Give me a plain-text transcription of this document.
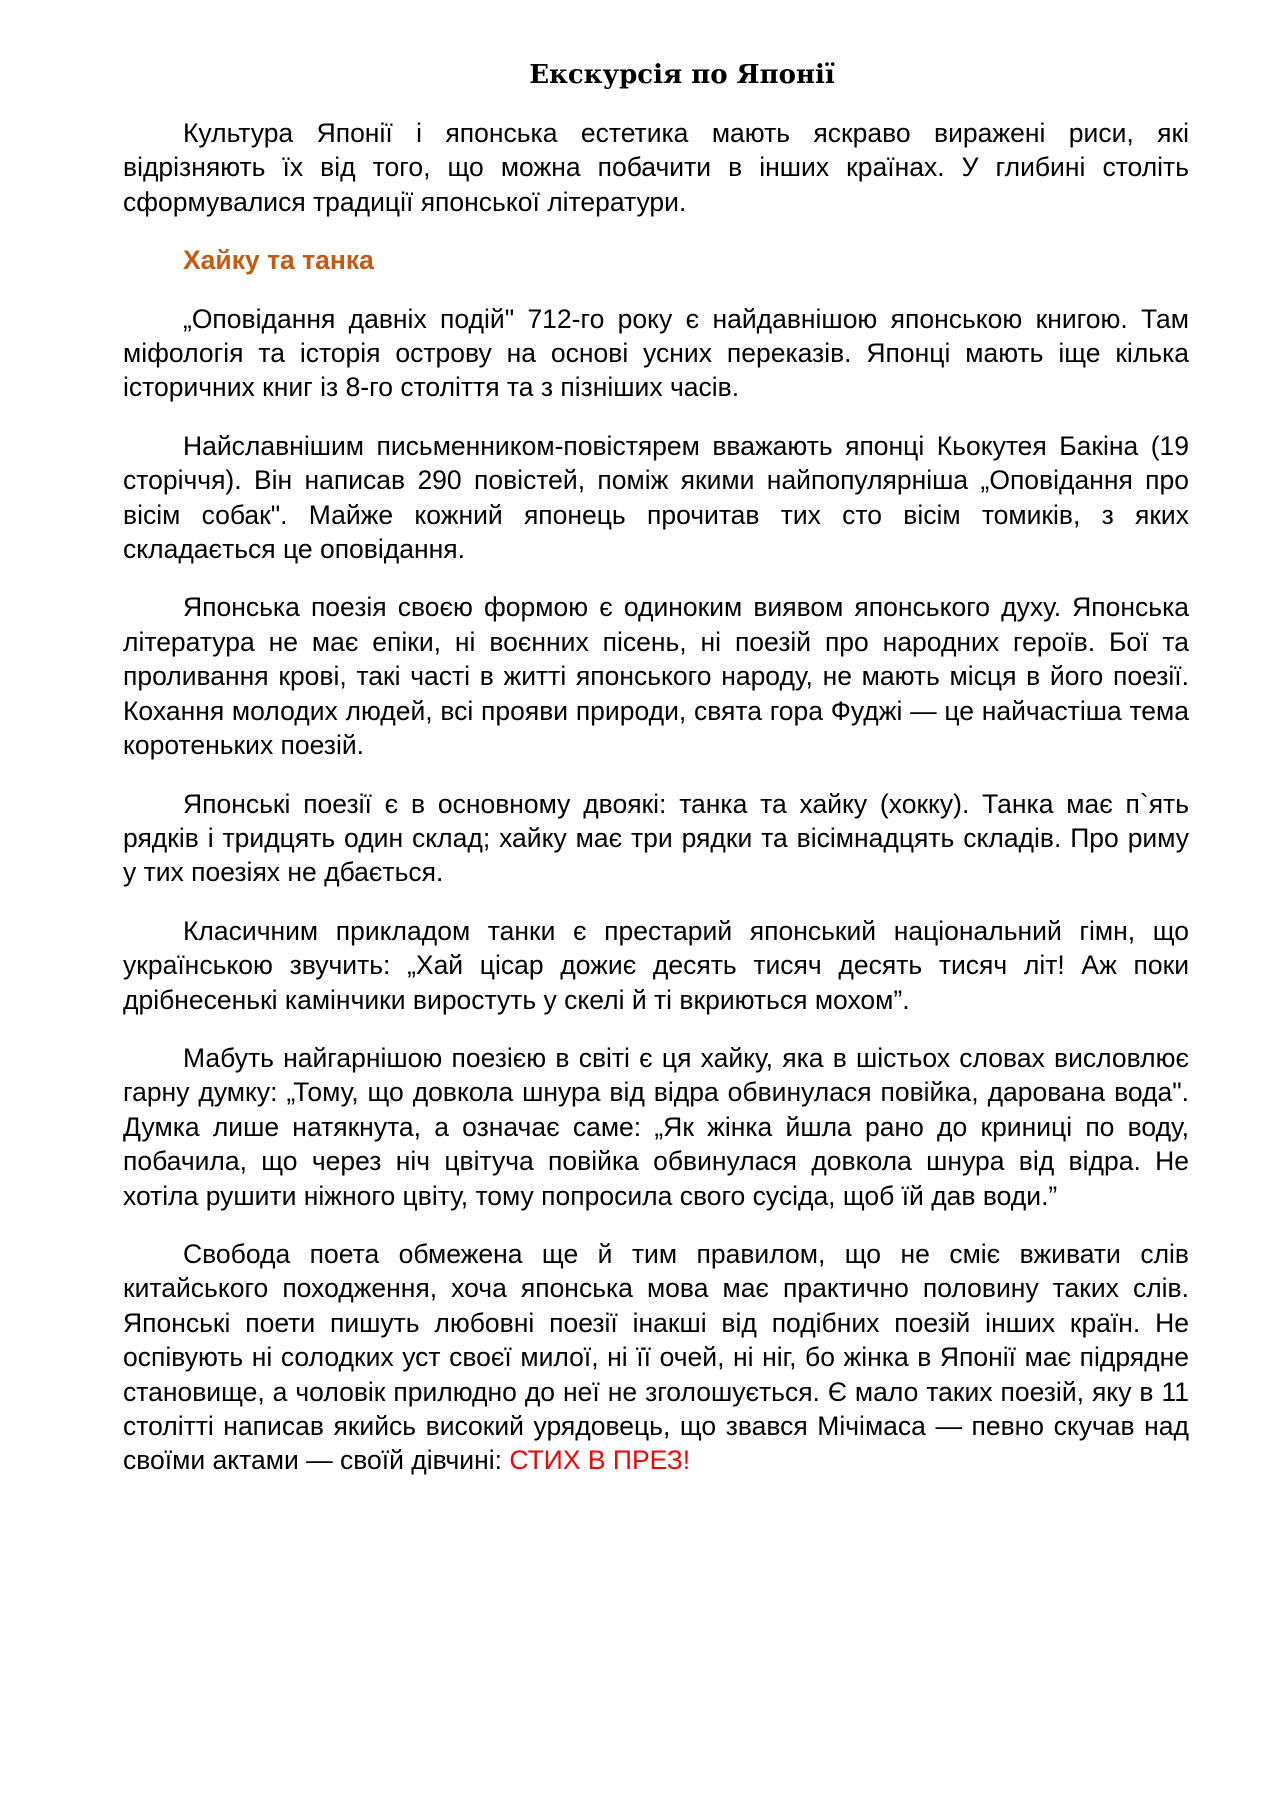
Екскурсія по Японії

Культура Японії і японська естетика мають яскраво виражені риси, які відрізняють їх від того, що можна побачити в інших країнах. У глибині століть сформувалися традиції японської літератури.

Хайку та танка

„Оповідання давніх подій" 712-го року є найдавнішою японською книгою. Там міфологія та історія острову на основі усних переказів. Японці мають іще кілька історичних книг із 8-го століття та з пізніших часів.

Найславнішим письменником-повістярем вважають японці Кьокутея Бакіна (19 сторіччя). Він написав 290 повістей, поміж якими найпопулярніша „Оповідання про вісім собак". Майже кожний японець прочитав тих сто вісім томиків, з яких складається це оповідання.

Японська поезія своєю формою є одиноким виявом японського духу. Японська література не має епіки, ні воєнних пісень, ні поезій про народних героїв. Бої та проливання крові, такі часті в житті японського народу, не мають місця в його поезії. Кохання молодих людей, всі прояви природи, свята гора Фуджі — це найчастіша тема коротеньких поезій.

Японські поезії є в основному двоякі: танка та хайку (хокку). Танка має п`ять рядків і тридцять один склад; хайку має три рядки та вісімнадцять складів. Про риму у тих поезіях не дбається.

Класичним прикладом танки є престарий японський національний гімн, що українською звучить: „Хай цісар дожиє десять тисяч десять тисяч літ! Аж поки дрібнесенькі камінчики виростуть у скелі й ті вкриються мохом”.

Мабуть найгарнішою поезією в світі є ця хайку, яка в шістьох словах висловлює гарну думку: „Тому, що довкола шнура від відра обвинулася повійка, дарована вода". Думка лише натякнута, а означає саме: „Як жінка йшла рано до криниці по воду, побачила, що через ніч цвітуча повійка обвинулася довкола шнура від відра. Не хотіла рушити ніжного цвіту, тому попросила свого сусіда, щоб їй дав води.”

Свобода поета обмежена ще й тим правилом, що не сміє вживати слів китайського походження, хоча японська мова має практично половину таких слів. Японські поети пишуть любовні поезії інакші від подібних поезій інших країн. Не оспівують ні солодких уст своєї милої, ні її очей, ні ніг, бо жінка в Японії має підрядне становище, а чоловік прилюдно до неї не зголошується. Є мало таких поезій, яку в 11 столітті написав якийсь високий урядовець, що звався Мічімаса — певно скучав над своїми актами — своїй дівчині: СТИХ В ПРЕЗ!
